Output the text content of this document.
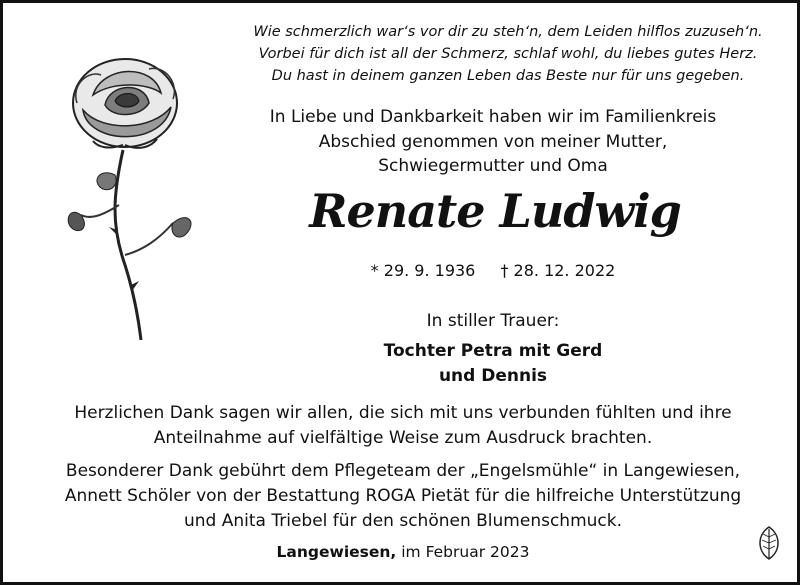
Wie schmerzlich war‘s vor dir zu steh‘n, dem Leiden hilflos zuzuseh‘n.
Vorbei für dich ist all der Schmerz, schlaf wohl, du liebes gutes Herz.
Du hast in deinem ganzen Leben das Beste nur für uns gegeben.
In Liebe und Dankbarkeit haben wir im Familienkreis
Abschied genommen von meiner Mutter,
Schwiegermutter und Oma
Renate Ludwig
* 29. 9. 1936 † 28. 12. 2022
In stiller Trauer:
Tochter Petra mit Gerd
und Dennis
Herzlichen Dank sagen wir allen, die sich mit uns verbunden fühlten und ihre
Anteilnahme auf vielfältige Weise zum Ausdruck brachten.
Besonderer Dank gebührt dem Pflegeteam der „Engelsmühle“ in Langewiesen,
Annett Schöler von der Bestattung ROGA Pietät für die hilfreiche Unterstützung
und Anita Triebel für den schönen Blumenschmuck.
Langewiesen, im Februar 2023
